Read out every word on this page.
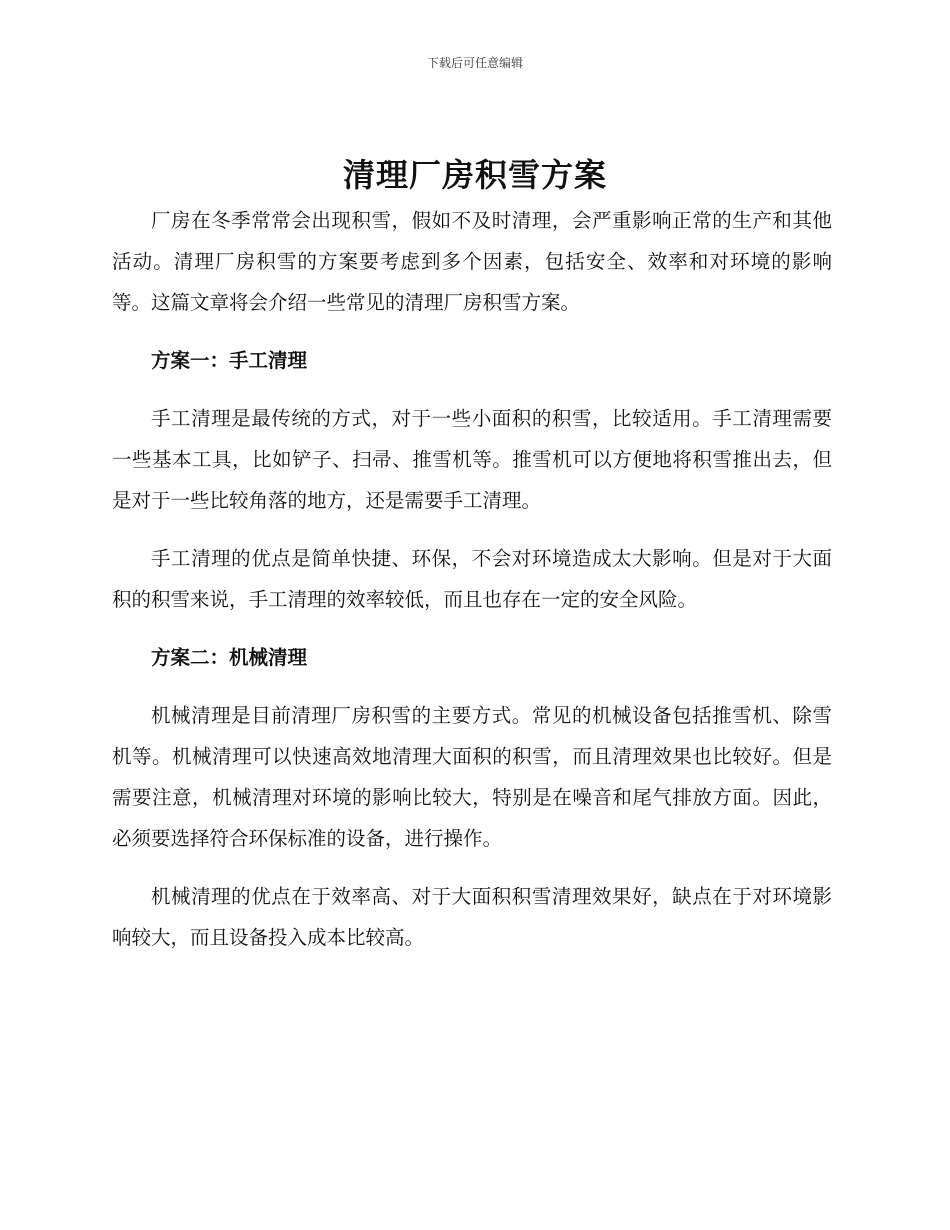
下载后可任意编辑
清理厂房积雪方案

厂房在冬季常常会出现积雪，假如不及时清理，会严重影响正常的生产和其他活动。清理厂房积雪的方案要考虑到多个因素，包括安全、效率和对环境的影响等。这篇文章将会介绍一些常见的清理厂房积雪方案。

方案一：手工清理

手工清理是最传统的方式，对于一些小面积的积雪，比较适用。手工清理需要一些基本工具，比如铲子、扫帚、推雪机等。推雪机可以方便地将积雪推出去，但是对于一些比较角落的地方，还是需要手工清理。

手工清理的优点是简单快捷、环保，不会对环境造成太大影响。但是对于大面积的积雪来说，手工清理的效率较低，而且也存在一定的安全风险。

方案二：机械清理

机械清理是目前清理厂房积雪的主要方式。常见的机械设备包括推雪机、除雪机等。机械清理可以快速高效地清理大面积的积雪，而且清理效果也比较好。但是需要注意，机械清理对环境的影响比较大，特别是在噪音和尾气排放方面。因此，必须要选择符合环保标准的设备，进行操作。

机械清理的优点在于效率高、对于大面积积雪清理效果好，缺点在于对环境影响较大，而且设备投入成本比较高。
